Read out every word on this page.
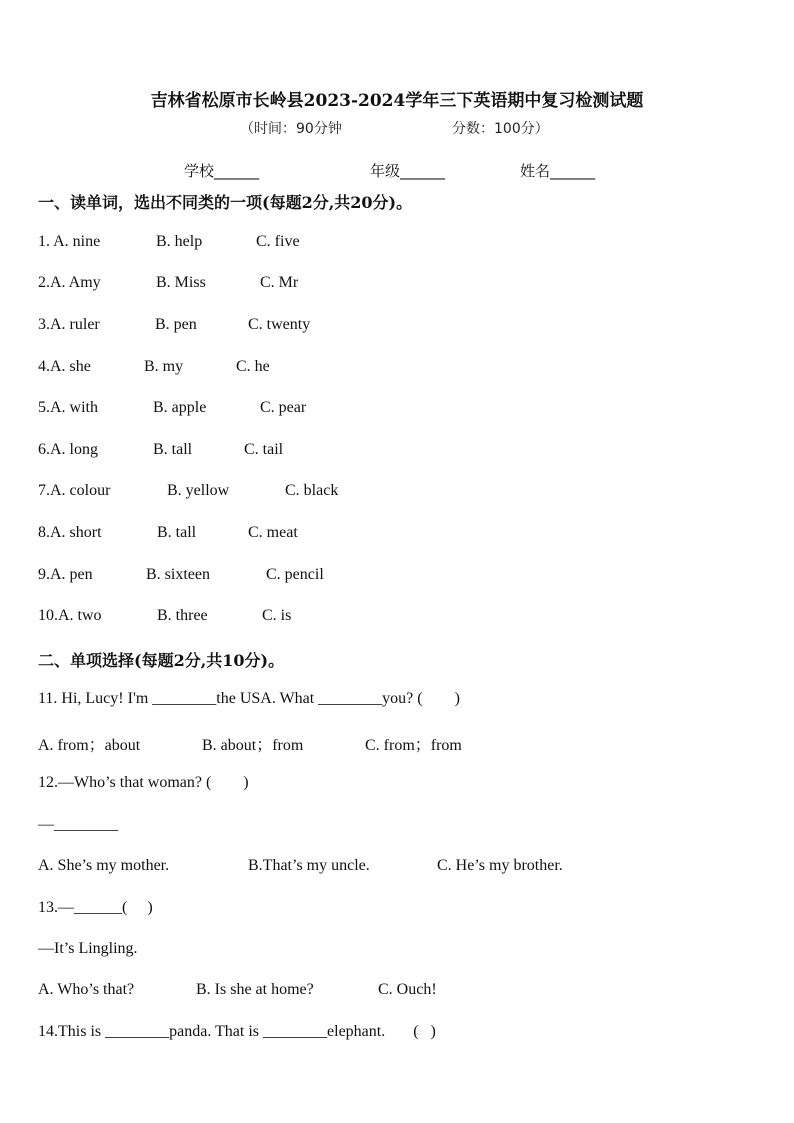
吉林省松原市长岭县2023-2024学年三下英语期中复习检测试题
（时间：90分钟	分数：100分）
学校______	年级______	姓名______
一、读单词，选出不同类的一项(每题2分,共20分)。
1. A. nine	B. help	C. five
2.A. Amy	B. Miss	C. Mr
3.A. ruler	B. pen	C. twenty
4.A. she	B. my	C. he
5.A. with	B. apple	C. pear
6.A. long	B. tall	C. tail
7.A. colour	B. yellow	C. black
8.A. short	B. tall	C. meat
9.A. pen	B. sixteen	C. pencil
10.A. two	B. three	C. is
二、单项选择(每题2分,共10分)。
11. Hi, Lucy! I'm ________the USA. What ________you? (        )
A. from；about	B. about；from	C. from；from
12.—Who’s that woman? (        )
—________
A. She’s my mother.	B.That’s my uncle.	C. He’s my brother.
13.—______(     )
—It’s Lingling.
A. Who’s that?	B. Is she at home?	C. Ouch!
14.This is ________panda. That is ________elephant.       (   )
